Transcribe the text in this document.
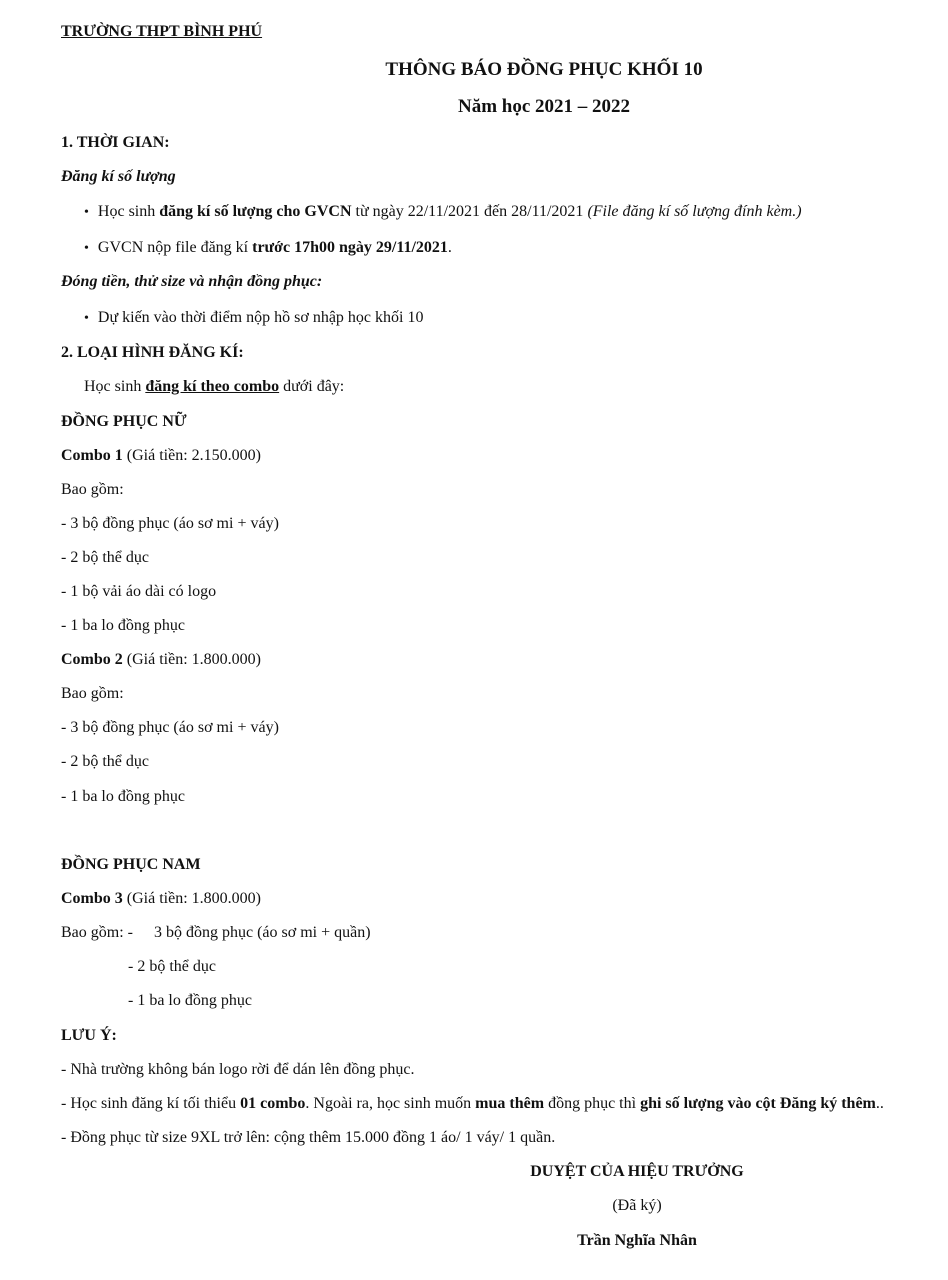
TRƯỜNG THPT BÌNH PHÚ
THÔNG BÁO ĐỒNG PHỤC KHỐI 10
Năm học 2021 – 2022
1. THỜI GIAN:
Đăng kí số lượng
• Học sinh đăng kí số lượng cho GVCN từ ngày 22/11/2021 đến 28/11/2021 (File đăng kí số lượng đính kèm.)
• GVCN nộp file đăng kí trước 17h00 ngày 29/11/2021.
Đóng tiền, thử size và nhận đồng phục:
• Dự kiến vào thời điểm nộp hồ sơ nhập học khối 10
2. LOẠI HÌNH ĐĂNG KÍ:
Học sinh đăng kí theo combo dưới đây:
ĐỒNG PHỤC NỮ
Combo 1 (Giá tiền: 2.150.000)
Bao gồm:
- 3 bộ đồng phục (áo sơ mi + váy)
- 2 bộ thể dục
- 1 bộ vải áo dài có logo
- 1 ba lo đồng phục
Combo 2 (Giá tiền: 1.800.000)
Bao gồm:
- 3 bộ đồng phục (áo sơ mi + váy)
- 2 bộ thể dục
- 1 ba lo đồng phục
ĐỒNG PHỤC NAM
Combo 3 (Giá tiền: 1.800.000)
Bao gồm: - 3 bộ đồng phục (áo sơ mi + quần)
- 2 bộ thể dục
- 1 ba lo đồng phục
LƯU Ý:
- Nhà trường không bán logo rời để dán lên đồng phục.
- Học sinh đăng kí tối thiểu 01 combo. Ngoài ra, học sinh muốn mua thêm đồng phục thì ghi số lượng vào cột Đăng ký thêm..
- Đồng phục từ size 9XL trở lên: cộng thêm 15.000 đồng 1 áo/ 1 váy/ 1 quần.
DUYỆT CỦA HIỆU TRƯỞNG
(Đã ký)
Trần Nghĩa Nhân
